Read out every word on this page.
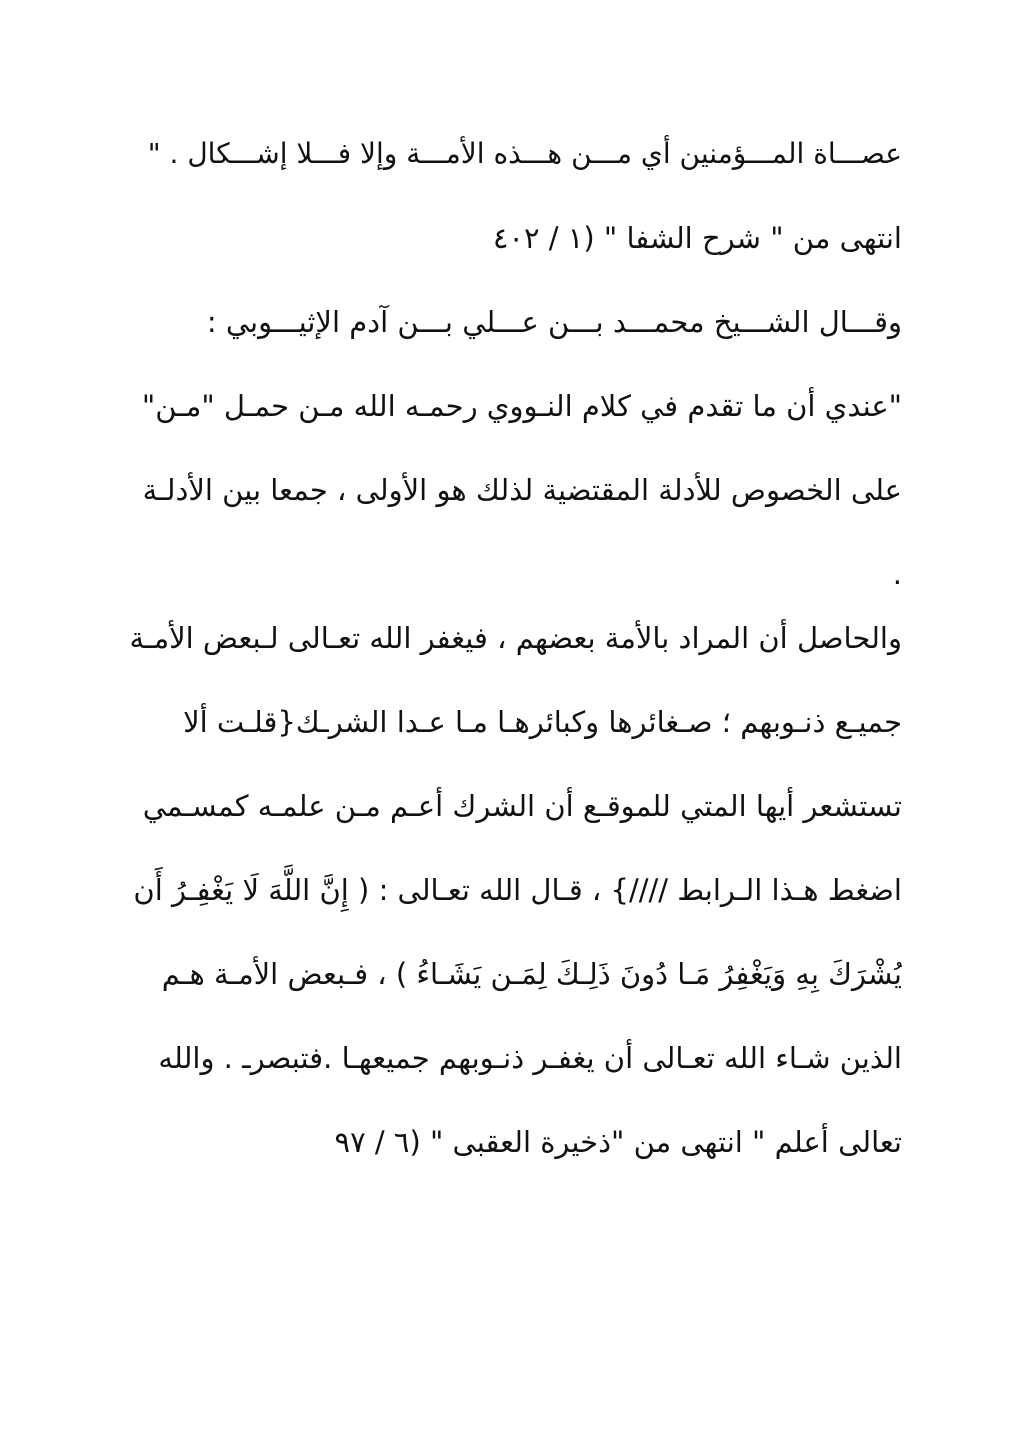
عصـــاة المـــؤمنين أي مـــن هـــذه الأمـــة وإلا فـــلا إشـــكال . "
انتهى من " شرح الشفا " (١ / ٤٠٢
وقـــال الشـــيخ محمـــد بـــن عـــلي بـــن آدم الإثيـــوبي :
"عندي أن ما تقدم في كلام النـووي رحمـه الله مـن حمـل "مـن"
على الخصوص للأدلة المقتضية لذلك هو الأولى ، جمعا بين الأدلـة
.
والحاصل أن المراد بالأمة بعضهم ، فيغفر الله تعـالى لـبعض الأمـة
جميـع ذنـوبهم ؛ صـغائرها وكبائرهـا مـا عـدا الشرـك{قلـت ألا
تستشعر أيها المتي للموقـع أن الشرك أعـم مـن علمـه كمسـمي
اضغط هـذا الـرابط ////} ، قـال الله تعـالى : ( إِنَّ اللَّهَ لَا يَغْفِـرُ أَن
يُشْرَكَ بِهِ وَيَغْفِرُ مَـا دُونَ ذَلِـكَ لِمَـن يَشَـاءُ ) ، فـبعض الأمـة هـم
الذين شـاء الله تعـالى أن يغفـر ذنـوبهم جميعهـا .فتبصرـ . والله
تعالى أعلم " انتهى من "ذخيرة العقبى " (٦ / ٩٧
